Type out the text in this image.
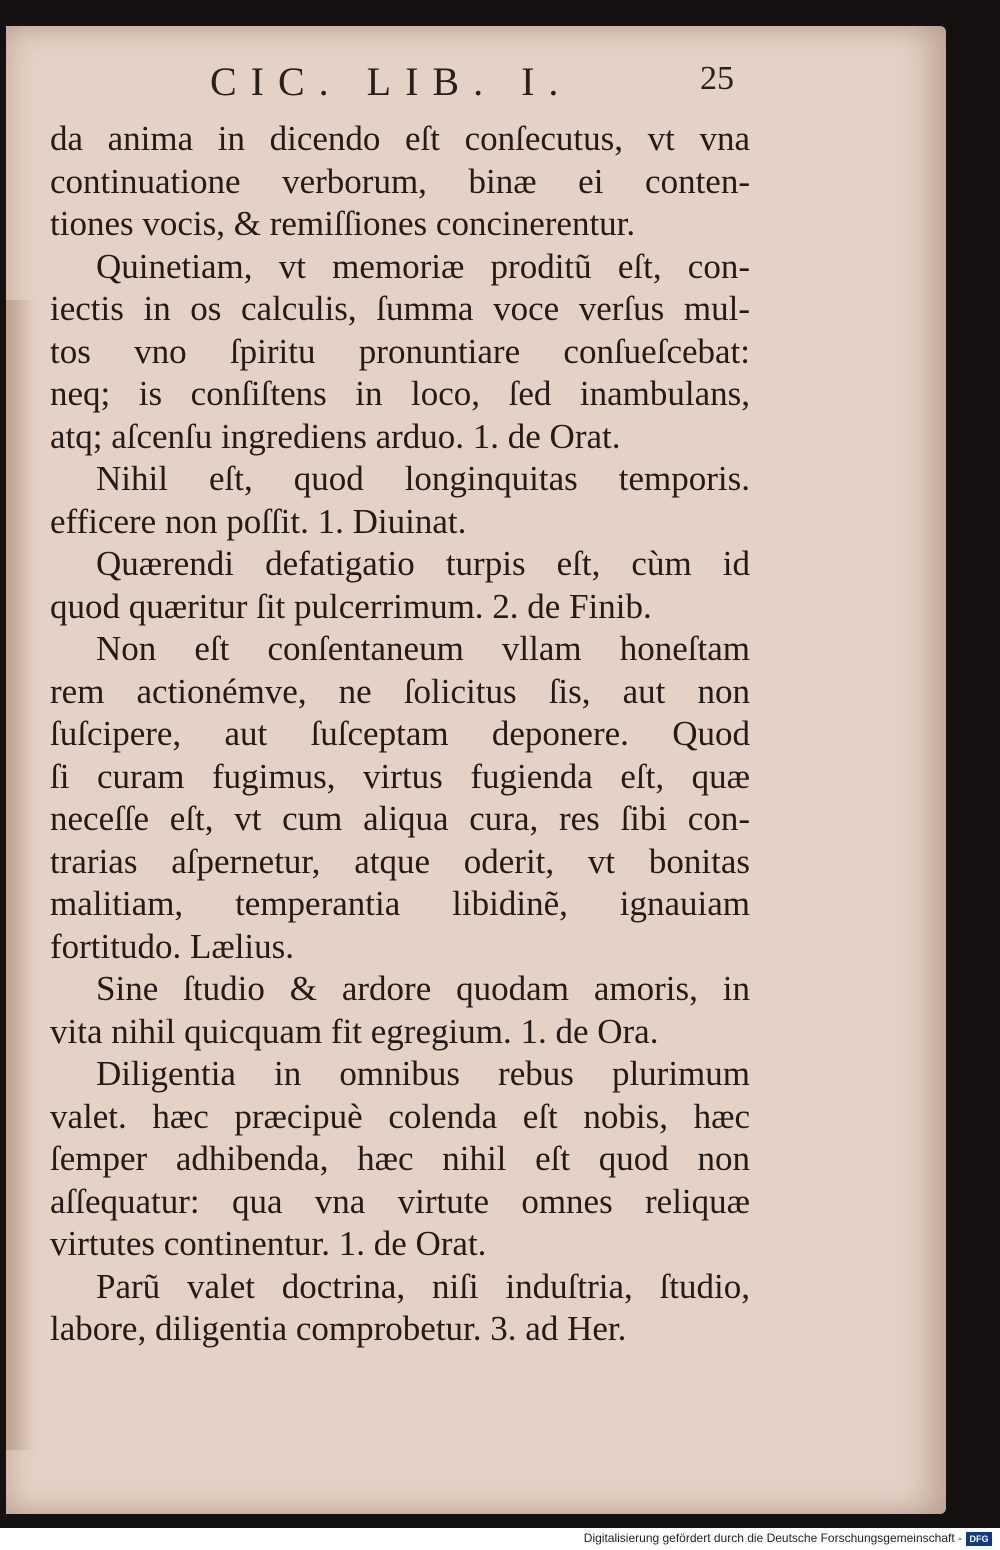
CIC. LIB. I.	25
da anima in dicendo eſt conſecutus, vt vna
continuatione verborum, binæ ei conten-
tiones vocis, & remiſſiones concinerentur.
Quinetiam, vt memoriæ proditũ eſt, con-
iectis in os calculis, ſumma voce verſus mul-
tos vno ſpiritu pronuntiare conſueſcebat:
neq; is conſiſtens in loco, ſed inambulans,
atq; aſcenſu ingrediens arduo. 1. de Orat.
Nihil eſt, quod longinquitas temporis.
efficere non poſſit. 1. Diuinat.
Quærendi defatigatio turpis eſt, cùm id
quod quæritur ſit pulcerrimum. 2. de Finib.
Non eſt conſentaneum vllam honeſtam
rem actionémve, ne ſolicitus ſis, aut non
ſuſcipere, aut ſuſceptam deponere. Quod
ſi curam fugimus, virtus fugienda eſt, quæ
neceſſe eſt, vt cum aliqua cura, res ſibi con-
trarias aſpernetur, atque oderit, vt bonitas
malitiam, temperantia libidinẽ, ignauiam
fortitudo. Lælius.
Sine ſtudio & ardore quodam amoris, in
vita nihil quicquam fit egregium. 1. de Ora.
Diligentia in omnibus rebus plurimum
valet. hæc præcipuè colenda eſt nobis, hæc
ſemper adhibenda, hæc nihil eſt quod non
aſſequatur: qua vna virtute omnes reliquæ
virtutes continentur. 1. de Orat.
Parũ valet doctrina, niſi induſtria, ſtudio,
labore, diligentia comprobetur. 3. ad Her.
Digitalisierung gefördert durch die Deutsche Forschungsgemeinschaft - DFG
